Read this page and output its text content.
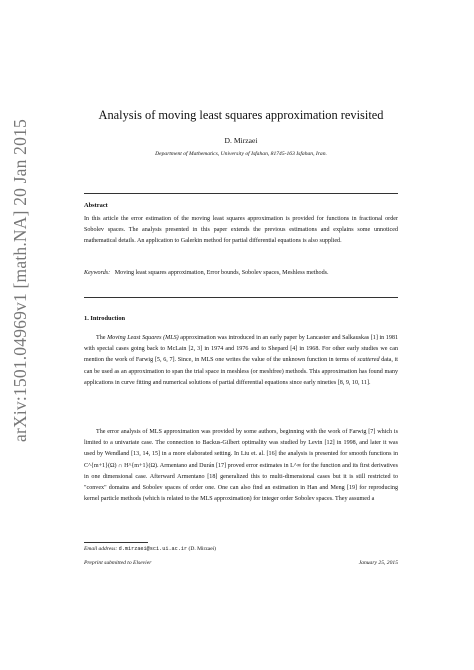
arXiv:1501.04969v1 [math.NA] 20 Jan 2015
Analysis of moving least squares approximation revisited
D. Mirzaei
Department of Mathematics, University of Isfahan, 81745-163 Isfahan, Iran.
Abstract

In this article the error estimation of the moving least squares approximation is provided for functions in fractional order Sobolev spaces. The analysis presented in this paper extends the previous estimations and explains some unnoticed mathematical details. An application to Galerkin method for partial differential equations is also supplied.

Keywords: Moving least squares approximation, Error bounds, Sobolev spaces, Meshless methods.

1. Introduction

The Moving Least Squares (MLS) approximation was introduced in an early paper by Lancaster and Salkauskas [1] in 1981 with special cases going back to McLain [2, 3] in 1974 and 1976 and to Shepard [4] in 1968. For other early studies we can mention the work of Farwig [5, 6, 7]. Since, in MLS one writes the value of the unknown function in terms of scattered data, it can be used as an approximation to span the trial space in meshless (or meshfree) methods. This approximation has found many applications in curve fitting and numerical solutions of partial differential equations since early nineties [8, 9, 10, 11].

The error analysis of MLS approximation was provided by some authors, beginning with the work of Farwig [7] which is limited to a univariate case. The connection to Backus-Gilbert optimality was studied by Levin [12] in 1998, and later it was used by Wendland [13, 14, 15] in a more elaborated setting. In Liu et. al. [16] the analysis is presented for smooth functions in C^{m+1}(Ω) ∩ H^{m+1}(Ω). Armentano and Durán [17] proved error estimates in L^∞ for the function and its first derivatives in one dimensional case. Afterward Armentano [18] generalized this to multi-dimensional cases but it is still restricted to "convex" domains and Sobolev spaces of order one. One can also find an estimation in Han and Meng [19] for reproducing kernel particle methods (which is related to the MLS approximation) for integer order Sobolev spaces. They assumed a

Email address: d.mirzaei@sci.ui.ac.ir (D. Mirzaei)
Preprint submitted to Elsevier	January 25, 2015
